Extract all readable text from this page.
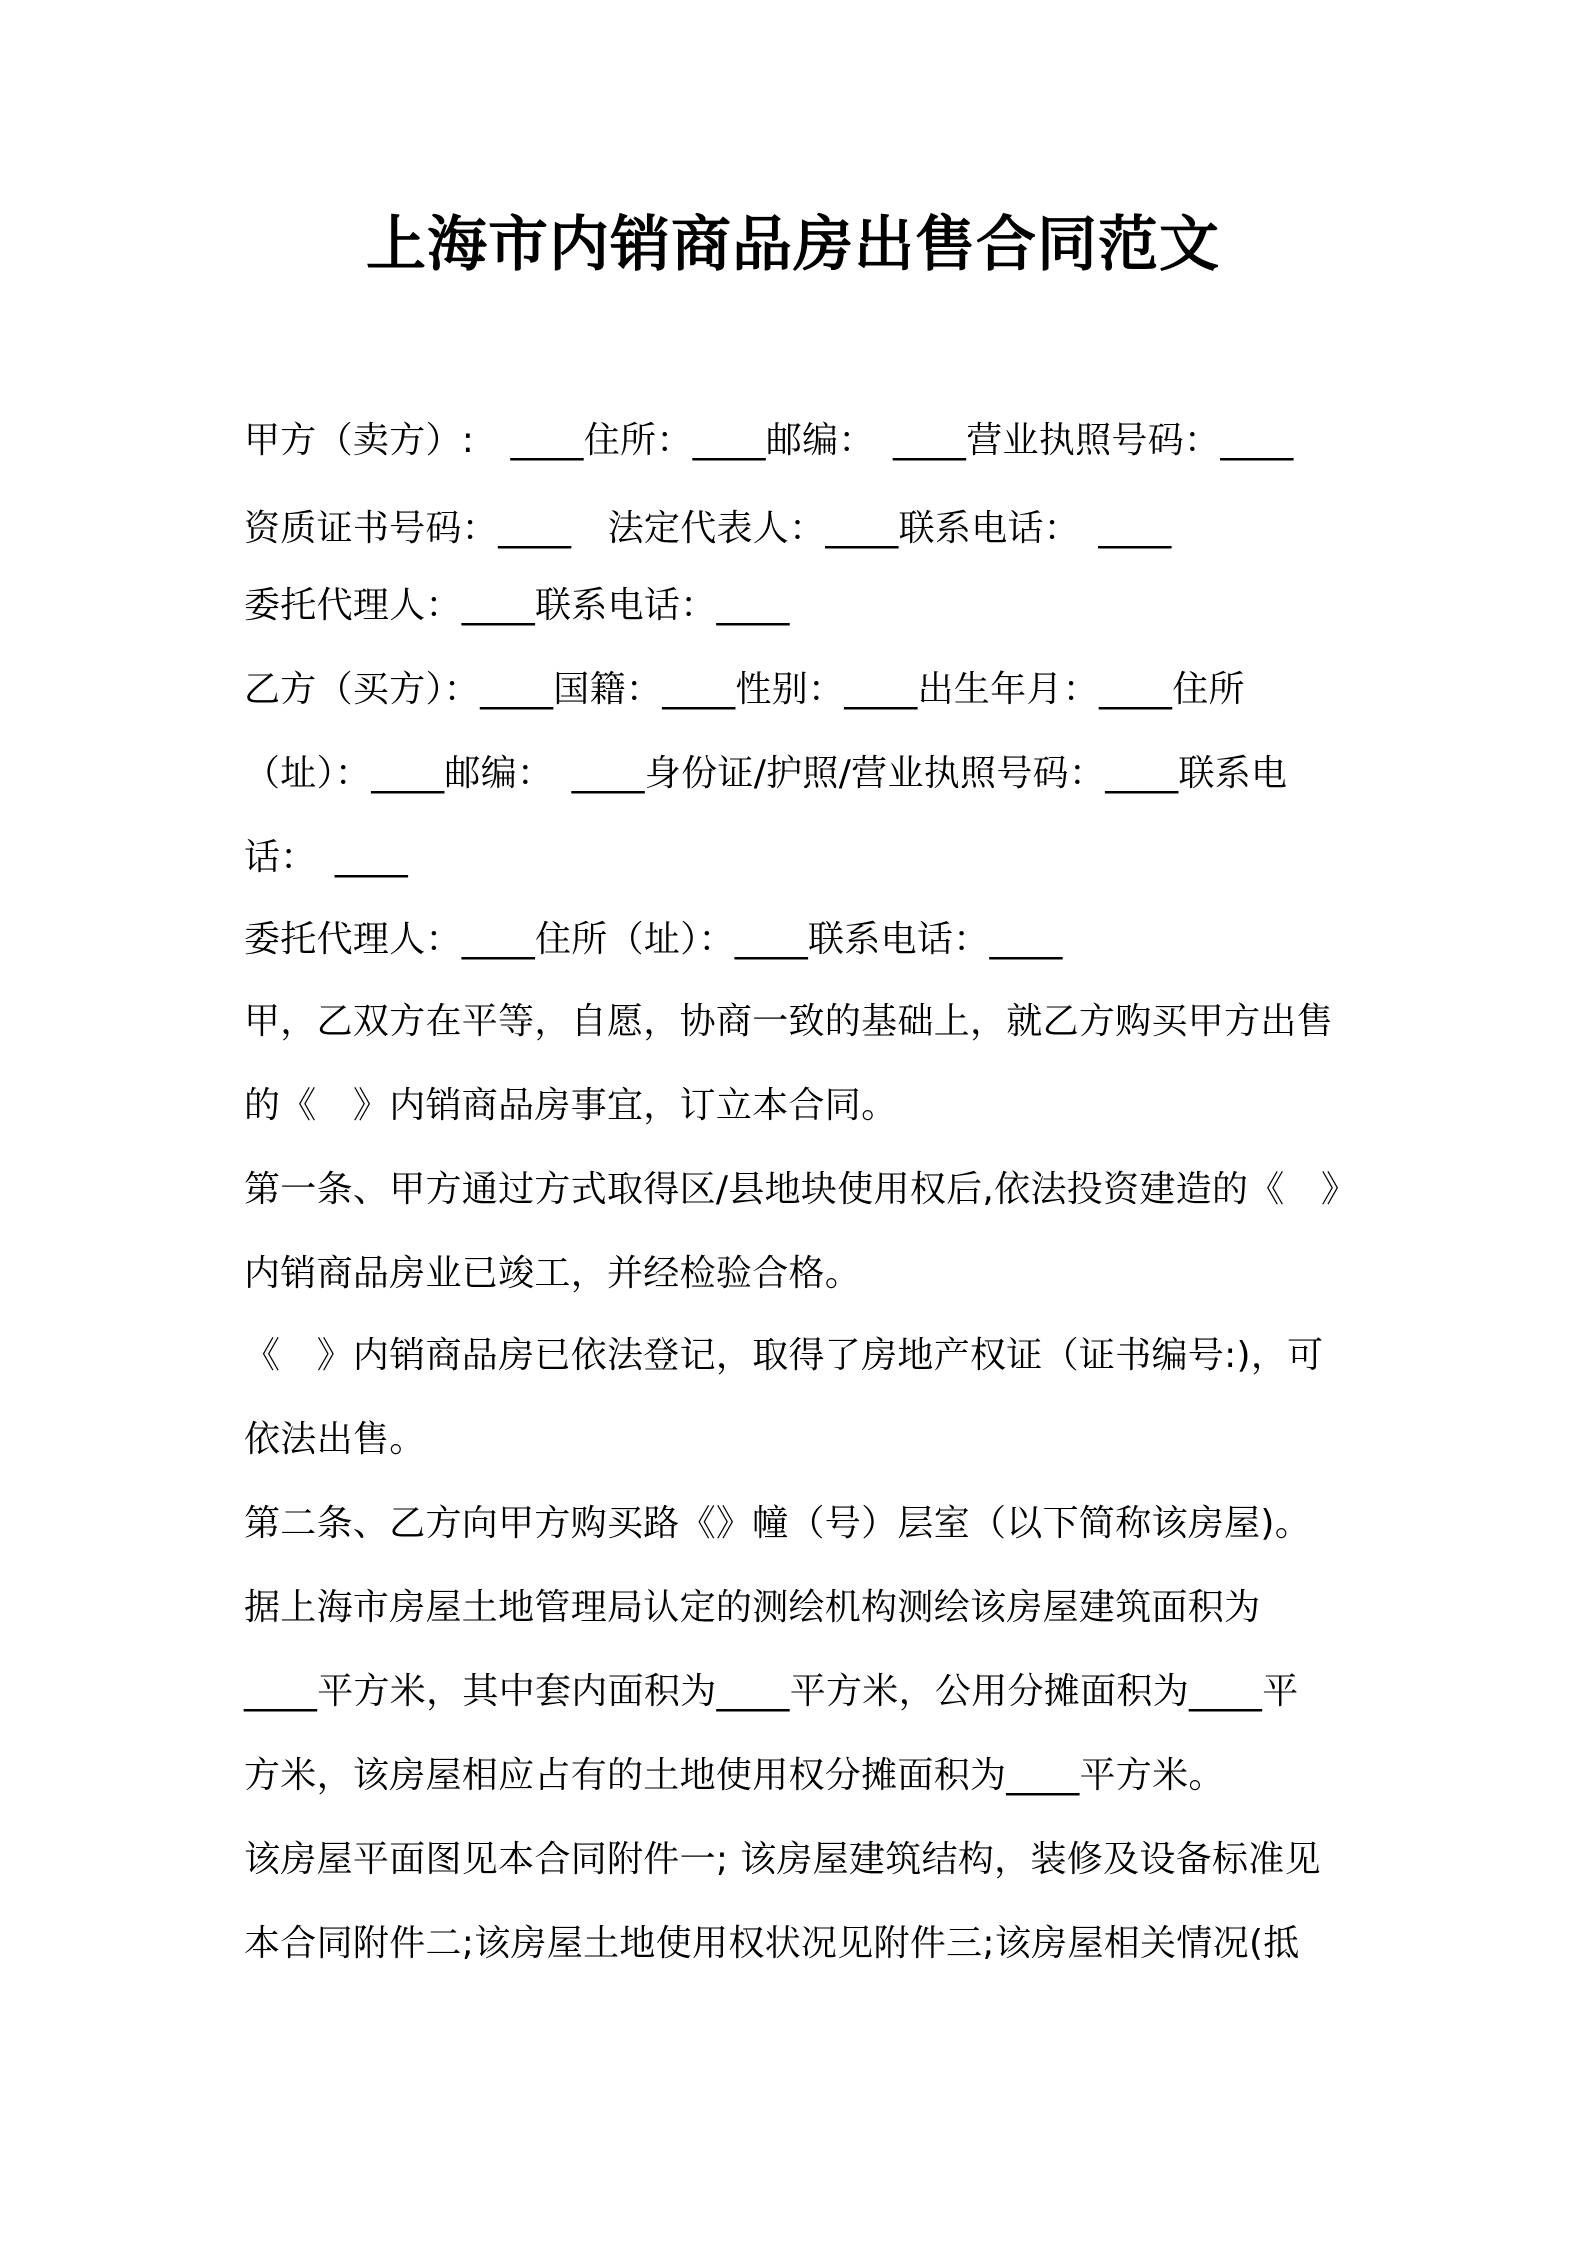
上海市内销商品房出售合同范文
甲方（卖方）:　____住所：____邮编：　____营业执照号码：____
资质证书号码：____　法定代表人：____联系电话：　____
委托代理人：____联系电话：____
乙方（买方）：____国籍：____性别：____出生年月：____住所
（址）：____邮编：　____身份证/护照/营业执照号码：____联系电
话：　____
委托代理人：____住所（址）：____联系电话：____
甲，乙双方在平等，自愿，协商一致的基础上，就乙方购买甲方出售
的《　》内销商品房事宜，订立本合同。
第一条、甲方通过方式取得区/县地块使用权后,依法投资建造的《　》
内销商品房业已竣工，并经检验合格。
《　》内销商品房已依法登记，取得了房地产权证（证书编号:)，可
依法出售。
第二条、乙方向甲方购买路《》幢（号）层室（以下简称该房屋)。
据上海市房屋土地管理局认定的测绘机构测绘该房屋建筑面积为
____平方米，其中套内面积为____平方米，公用分摊面积为____平
方米，该房屋相应占有的土地使用权分摊面积为____平方米。
该房屋平面图见本合同附件一; 该房屋建筑结构，装修及设备标准见
本合同附件二;该房屋土地使用权状况见附件三;该房屋相关情况(抵
